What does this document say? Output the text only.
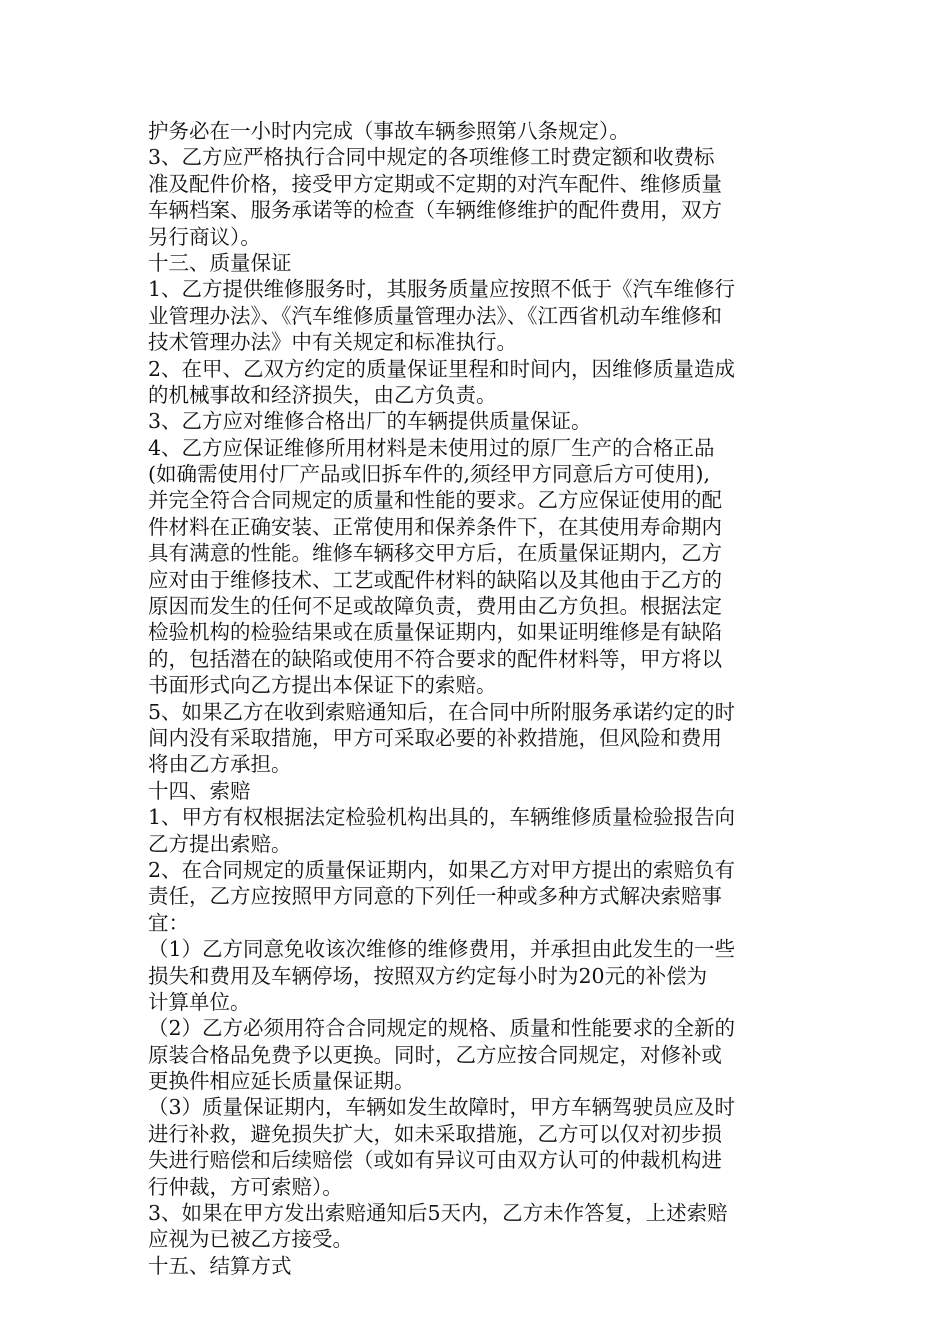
护务必在一小时内完成（事故车辆参照第八条规定）。
3、乙方应严格执行合同中规定的各项维修工时费定额和收费标
准及配件价格，接受甲方定期或不定期的对汽车配件、维修质量
车辆档案、服务承诺等的检查（车辆维修维护的配件费用，双方
另行商议）。
十三、质量保证
1、乙方提供维修服务时，其服务质量应按照不低于《汽车维修行
业管理办法》、《汽车维修质量管理办法》、《江西省机动车维修和
技术管理办法》中有关规定和标准执行。
2、在甲、乙双方约定的质量保证里程和时间内，因维修质量造成
的机械事故和经济损失，由乙方负责。
3、乙方应对维修合格出厂的车辆提供质量保证。
4、乙方应保证维修所用材料是未使用过的原厂生产的合格正品
(如确需使用付厂产品或旧拆车件的,须经甲方同意后方可使用),
并完全符合合同规定的质量和性能的要求。乙方应保证使用的配
件材料在正确安装、正常使用和保养条件下，在其使用寿命期内
具有满意的性能。维修车辆移交甲方后，在质量保证期内，乙方
应对由于维修技术、工艺或配件材料的缺陷以及其他由于乙方的
原因而发生的任何不足或故障负责，费用由乙方负担。根据法定
检验机构的检验结果或在质量保证期内，如果证明维修是有缺陷
的，包括潜在的缺陷或使用不符合要求的配件材料等，甲方将以
书面形式向乙方提出本保证下的索赔。
5、如果乙方在收到索赔通知后，在合同中所附服务承诺约定的时
间内没有采取措施，甲方可采取必要的补救措施，但风险和费用
将由乙方承担。
十四、索赔
1、甲方有权根据法定检验机构出具的，车辆维修质量检验报告向
乙方提出索赔。
2、在合同规定的质量保证期内，如果乙方对甲方提出的索赔负有
责任，乙方应按照甲方同意的下列任一种或多种方式解决索赔事
宜：
（1）乙方同意免收该次维修的维修费用，并承担由此发生的一些
损失和费用及车辆停场，按照双方约定每小时为20元的补偿为
计算单位。
（2）乙方必须用符合合同规定的规格、质量和性能要求的全新的
原装合格品免费予以更换。同时，乙方应按合同规定，对修补或
更换件相应延长质量保证期。
（3）质量保证期内，车辆如发生故障时，甲方车辆驾驶员应及时
进行补救，避免损失扩大，如未采取措施，乙方可以仅对初步损
失进行赔偿和后续赔偿（或如有异议可由双方认可的仲裁机构进
行仲裁，方可索赔）。
3、如果在甲方发出索赔通知后5天内，乙方未作答复，上述索赔
应视为已被乙方接受。
十五、结算方式
